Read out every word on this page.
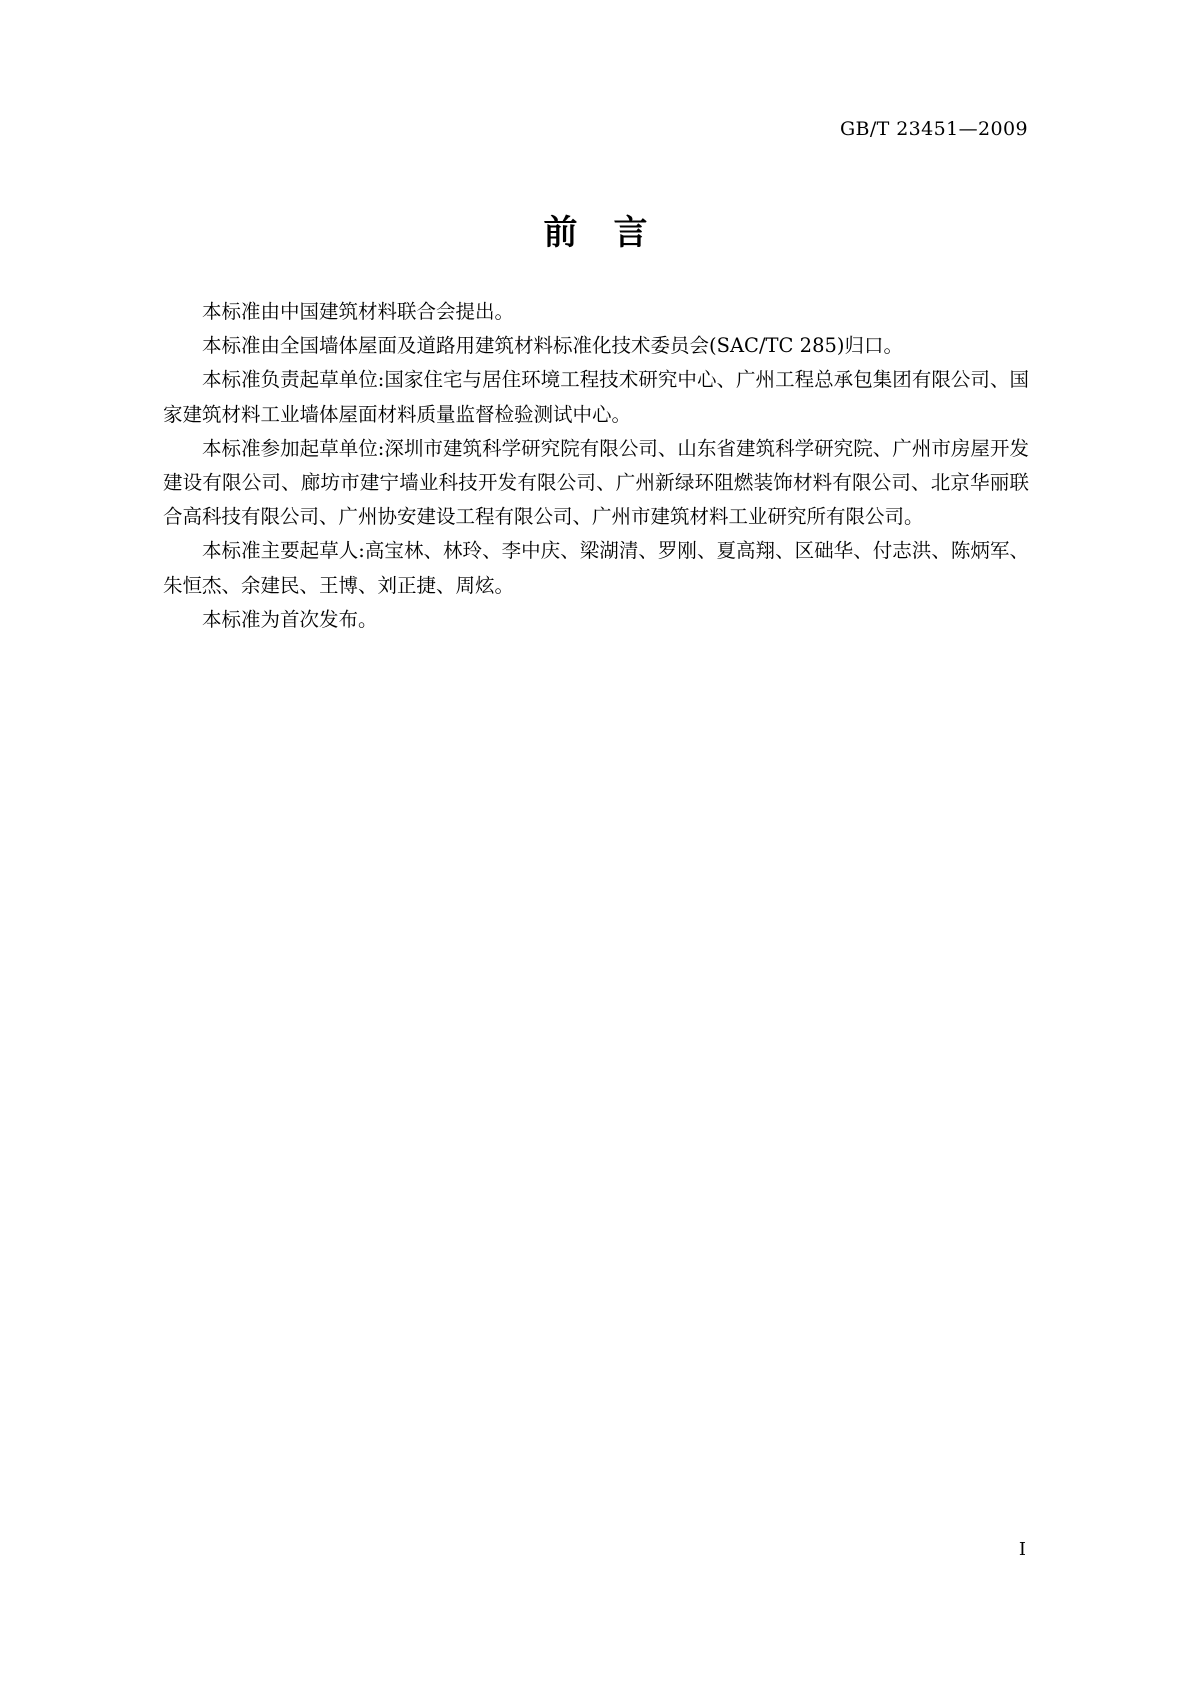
GB/T 23451—2009
前言

本标准由中国建筑材料联合会提出。

本标准由全国墙体屋面及道路用建筑材料标准化技术委员会(SAC/TC 285)归口。

本标准负责起草单位:国家住宅与居住环境工程技术研究中心、广州工程总承包集团有限公司、国家建筑材料工业墙体屋面材料质量监督检验测试中心。

本标准参加起草单位:深圳市建筑科学研究院有限公司、山东省建筑科学研究院、广州市房屋开发建设有限公司、廊坊市建宁墙业科技开发有限公司、广州新绿环阻燃装饰材料有限公司、北京华丽联合高科技有限公司、广州协安建设工程有限公司、广州市建筑材料工业研究所有限公司。

本标准主要起草人:高宝林、林玲、李中庆、梁湖清、罗刚、夏高翔、区础华、付志洪、陈炳军、朱恒杰、余建民、王博、刘正捷、周炫。

本标准为首次发布。

I
